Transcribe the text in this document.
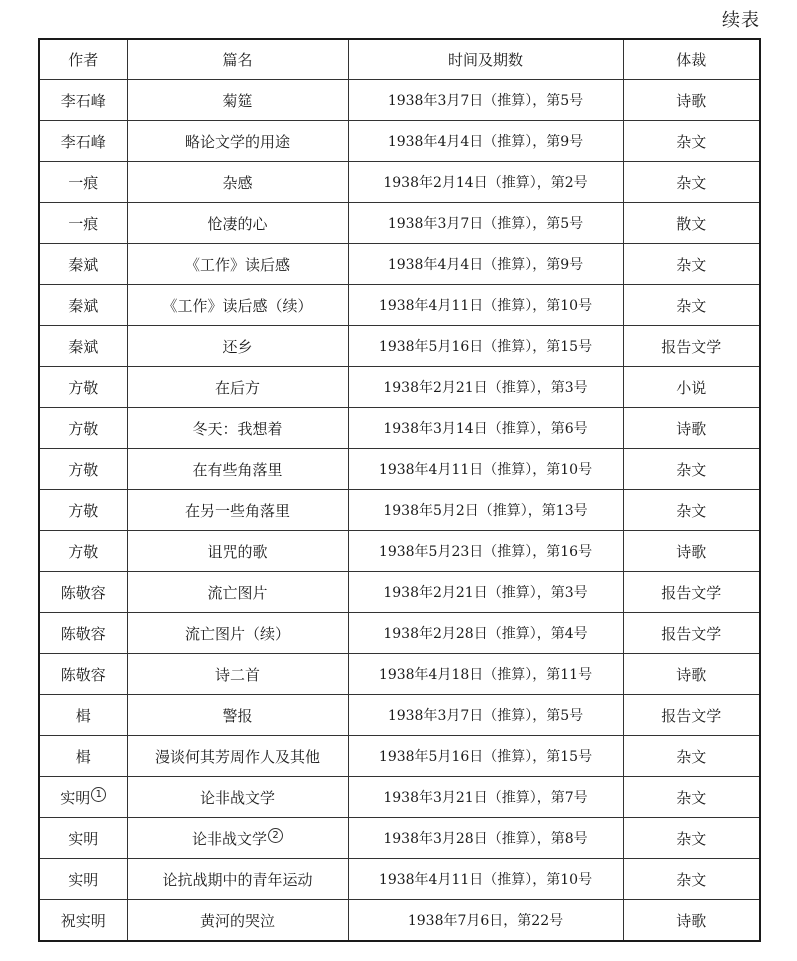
续表
作者	篇名	时间及期数	体裁
李石峰	菊筵	1938年3月7日（推算），第5号	诗歌
李石峰	略论文学的用途	1938年4月4日（推算），第9号	杂文
一痕	杂感	1938年2月14日（推算），第2号	杂文
一痕	怆凄的心	1938年3月7日（推算），第5号	散文
秦斌	《工作》读后感	1938年4月4日（推算），第9号	杂文
秦斌	《工作》读后感（续）	1938年4月11日（推算），第10号	杂文
秦斌	还乡	1938年5月16日（推算），第15号	报告文学
方敬	在后方	1938年2月21日（推算），第3号	小说
方敬	冬天：我想着	1938年3月14日（推算），第6号	诗歌
方敬	在有些角落里	1938年4月11日（推算），第10号	杂文
方敬	在另一些角落里	1938年5月2日（推算），第13号	杂文
方敬	诅咒的歌	1938年5月23日（推算），第16号	诗歌
陈敬容	流亡图片	1938年2月21日（推算），第3号	报告文学
陈敬容	流亡图片（续）	1938年2月28日（推算），第4号	报告文学
陈敬容	诗二首	1938年4月18日（推算），第11号	诗歌
楫	警报	1938年3月7日（推算），第5号	报告文学
楫	漫谈何其芳周作人及其他	1938年5月16日（推算），第15号	杂文
实明 1	论非战文学	1938年3月21日（推算），第7号	杂文
实明	论非战文学 2	1938年3月28日（推算），第8号	杂文
实明	论抗战期中的青年运动	1938年4月11日（推算），第10号	杂文
祝实明	黄河的哭泣	1938年7月6日，第22号	诗歌
